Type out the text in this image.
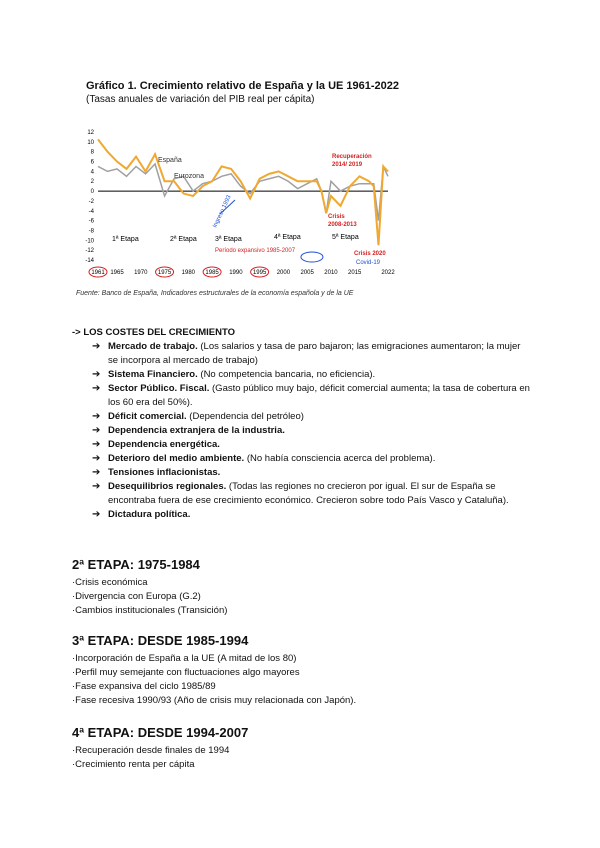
Gráfico 1. Crecimiento relativo de España y la UE 1961-2022
(Tasas anuales de variación del PIB real per cápita)
12
10
8
6
4
2
0
-2
-4
-6
-8
-10
-12
-14
1961 1965 1970 1975 1980 1985 1990 1995 2000 2005 2010 2015	2022
España
Eurozona
1ª Etapa	2ª Etapa	3ª Etapa	4ª Etapa	5ª Etapa
Período expansivo 1985-2007
Recuperación
2014/ 2019
Crisis
2008-2013
Crisis 2020
Covid-19
Ingreso 1993
Fuente: Banco de España, Indicadores estructurales de la economía española y de la UE
-> LOS COSTES DEL CRECIMIENTO
➔ Mercado de trabajo. (Los salarios y tasa de paro bajaron; las emigraciones aumentaron; la mujer se incorpora al mercado de trabajo)
➔ Sistema Financiero. (No competencia bancaria, no eficiencia).
➔ Sector Público. Fiscal. (Gasto público muy bajo, déficit comercial aumenta; la tasa de cobertura en los 60 era del 50%).
➔ Déficit comercial. (Dependencia del petróleo)
➔ Dependencia extranjera de la industria.
➔ Dependencia energética.
➔ Deterioro del medio ambiente. (No había consciencia acerca del problema).
➔ Tensiones inflacionistas.
➔ Desequilibrios regionales. (Todas las regiones no crecieron por igual. El sur de España se encontraba fuera de ese crecimiento económico. Crecieron sobre todo País Vasco y Cataluña).
➔ Dictadura política.
2ª ETAPA: 1975-1984
·Crisis económica
·Divergencia con Europa (G.2)
·Cambios institucionales (Transición)
3ª ETAPA: DESDE 1985-1994
·Incorporación de España a la UE (A mitad de los 80)
·Perfil muy semejante con fluctuaciones algo mayores
·Fase expansiva del ciclo 1985/89
·Fase recesiva 1990/93 (Año de crisis muy relacionada con Japón).
4ª ETAPA: DESDE 1994-2007
·Recuperación desde finales de 1994
·Crecimiento renta per cápita
